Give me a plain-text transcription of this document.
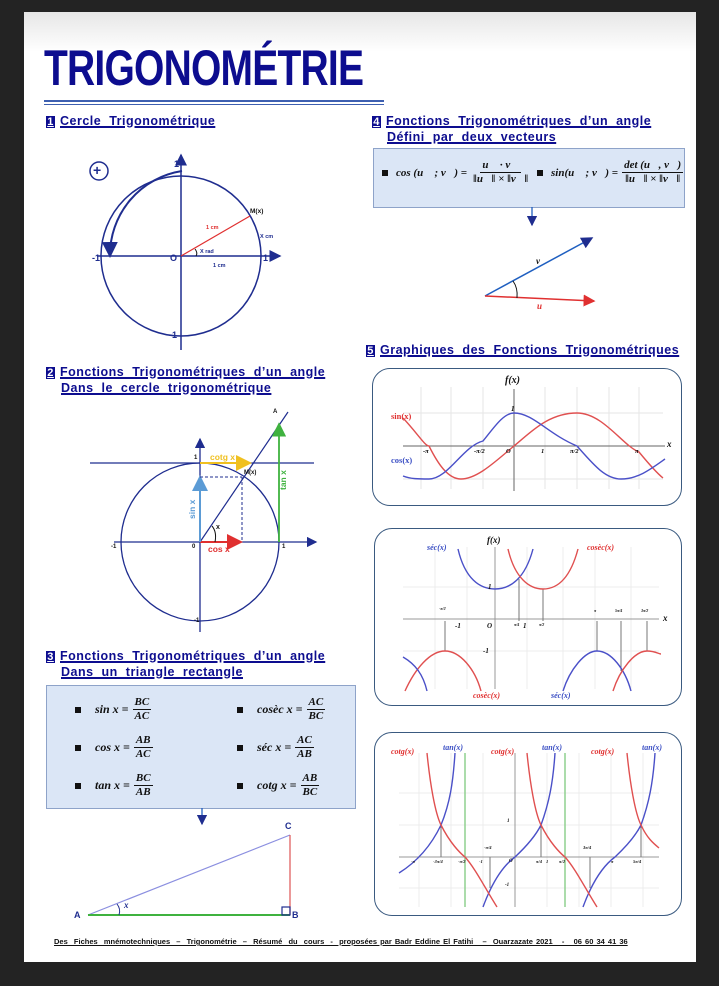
TRIGONOMÉTRIE
1 Cercle Trigonométrique
+	1
-1
-1	1
O
M(x)
1 cm
X rad
1 cm
X cm
2 Fonctions Trigonométriques d’un angle
Dans le cercle trigonométrique
A
cotg x
tan x
sin x
cos x
M(x)
x
1
1
-1	0
-1
3 Fonctions Trigonométriques d’un angle
Dans un triangle rectangle
$\sin x = \frac{BC}{AC}$	cosèc $x = \frac{AC}{BC}$
$\cos x = \frac{AB}{AC}$	séc $x = \frac{AC}{AB}$
$\tan x = \frac{BC}{AB}$	cotg $x = \frac{AB}{BC}$
A	B
C
x
4 Fonctions Trigonométriques d’un angle
Défini par deux vecteurs
cos (u⃗ ; v⃗) = $\frac{u⃗ \cdot v⃗}{‖u⃗‖ \times ‖v⃗‖}$ sin(u⃗ ; v⃗) = $\frac{\det (u⃗, v⃗)}{‖u⃗‖ \times ‖v⃗‖}$
v⃗
u⃗
5 Graphiques des Fonctions Trigonométriques
f(x)
x
sin(x)
cos(x)
1
-π	-π/2	O	1	π/2	π
f(x)
x
séc(x)	cosèc(x)
cosèc(x)	séc(x)
1
-1
-π/2
-1	O	π/4 1	π/2
π	5π/4	3π/2
cotg(x)	tan(x)	cotg(x)	tan(x)	cotg(x)	tan(x)
1
-1
-π	-3π/4	-π/2	-1
-π/4
O	π/4 1 π/2
3π/4
π	5π/4
Des  Fiches  mnémotechniques  –  Trigonométrie  –  Résumé  du  cours  -  proposées par Badr Eddine El Fatihi   –  Ouarzazate 2021   -   06 60 34 41 36
